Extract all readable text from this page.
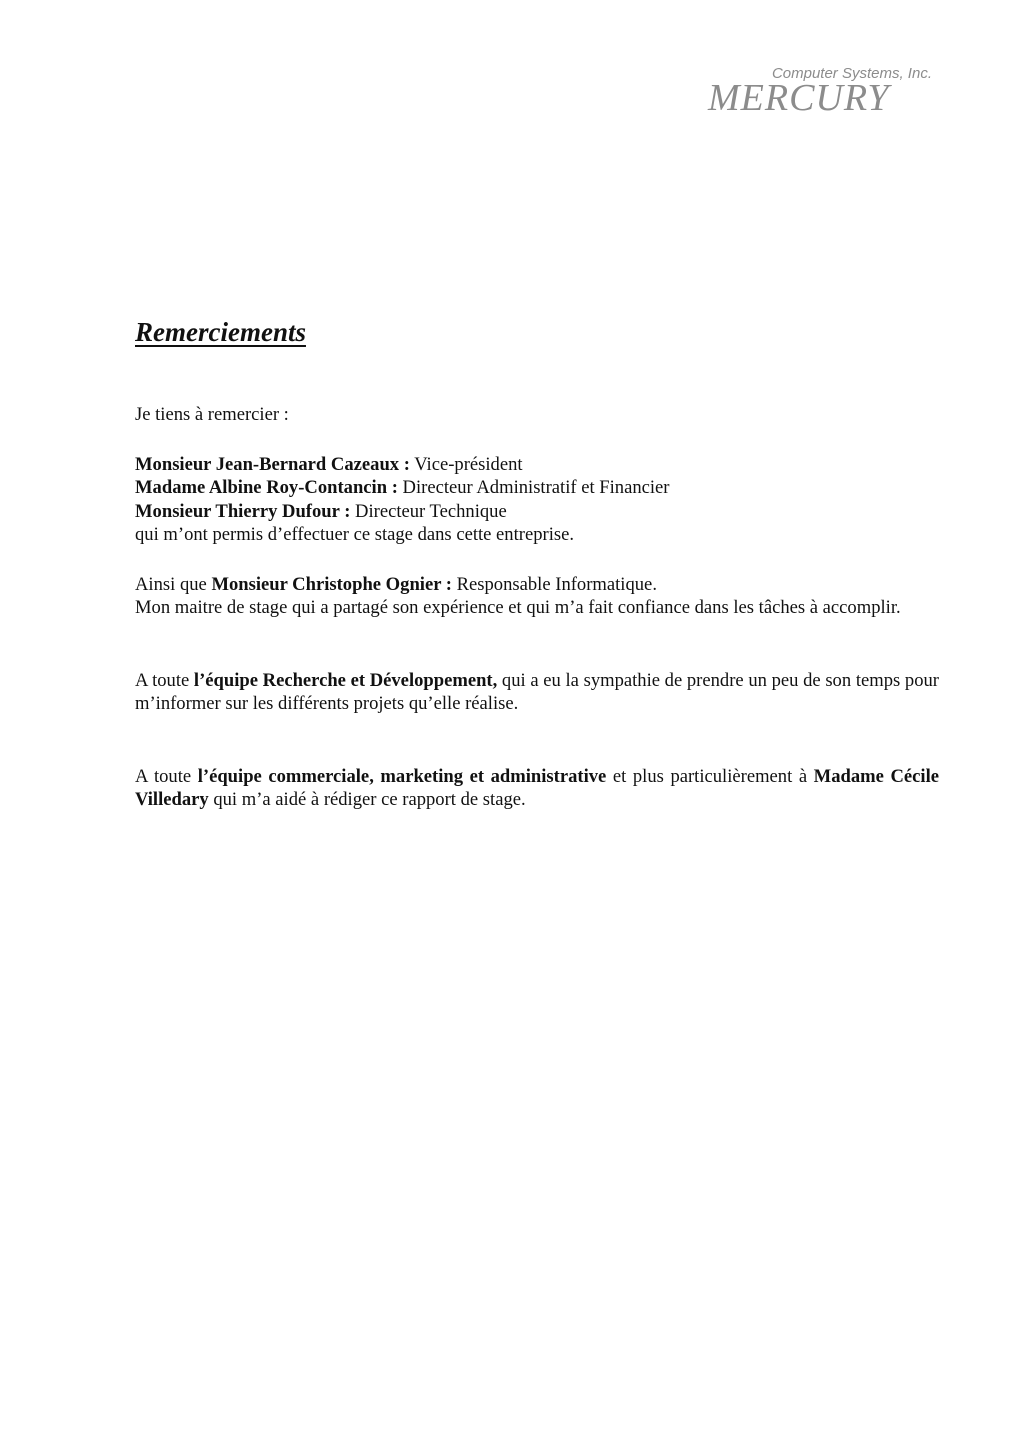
Computer Systems, Inc.
MERCURY
Remerciements

Je tiens à remercier :

Monsieur Jean-Bernard Cazeaux : Vice-président
Madame Albine Roy-Contancin : Directeur Administratif et Financier
Monsieur Thierry Dufour : Directeur Technique
qui m’ont permis d’effectuer ce stage dans cette entreprise.

Ainsi que Monsieur Christophe Ognier : Responsable Informatique.
Mon maitre de stage qui a partagé son expérience et qui m’a fait confiance dans les tâches à accomplir.

A toute l’équipe Recherche et Développement, qui a eu la sympathie de prendre un peu de son temps pour m’informer sur les différents projets qu’elle réalise.

A toute l’équipe commerciale, marketing et administrative et plus particulièrement à Madame Cécile Villedary qui m’a aidé à rédiger ce rapport de stage.
